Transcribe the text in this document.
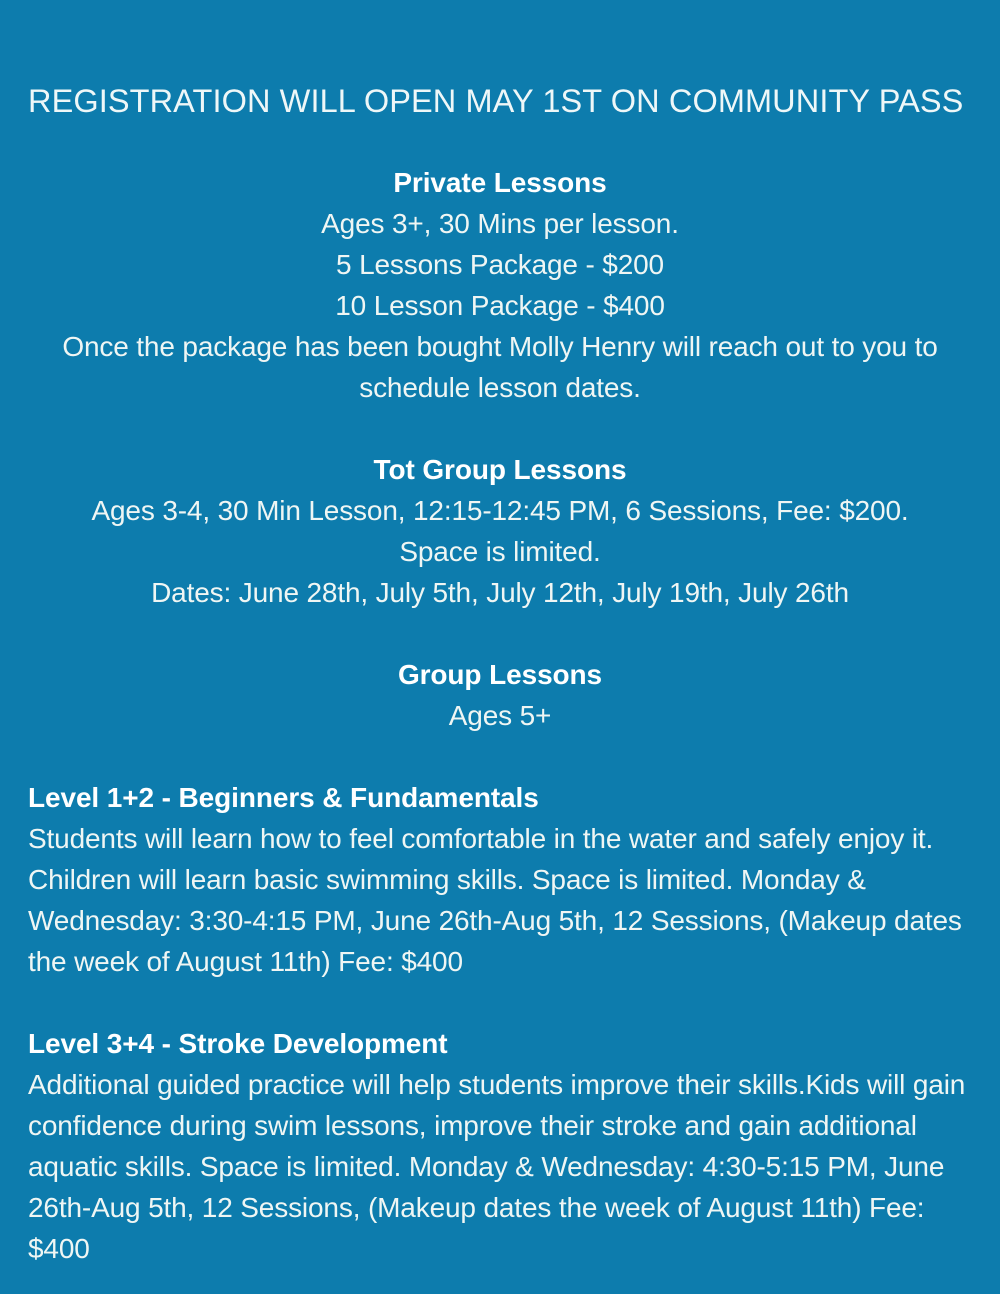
REGISTRATION WILL OPEN MAY 1ST ON COMMUNITY PASS
Private Lessons
Ages 3+, 30 Mins per lesson.
5 Lessons Package - $200
10 Lesson Package - $400
Once the package has been bought Molly Henry will reach out to you to schedule lesson dates.
Tot Group Lessons
Ages 3-4, 30 Min Lesson, 12:15-12:45 PM, 6 Sessions, Fee: $200.
Space is limited.
Dates: June 28th, July 5th, July 12th, July 19th, July 26th
Group Lessons
Ages 5+
Level 1+2 - Beginners & Fundamentals
Students will learn how to feel comfortable in the water and safely enjoy it. Children will learn basic swimming skills. Space is limited. Monday & Wednesday: 3:30-4:15 PM, June 26th-Aug 5th, 12 Sessions, (Makeup dates the week of August 11th) Fee: $400
Level 3+4 - Stroke Development
Additional guided practice will help students improve their skills.Kids will gain confidence during swim lessons, improve their stroke and gain additional aquatic skills. Space is limited. Monday & Wednesday: 4:30-5:15 PM, June 26th-Aug 5th, 12 Sessions, (Makeup dates the week of August 11th) Fee: $400
